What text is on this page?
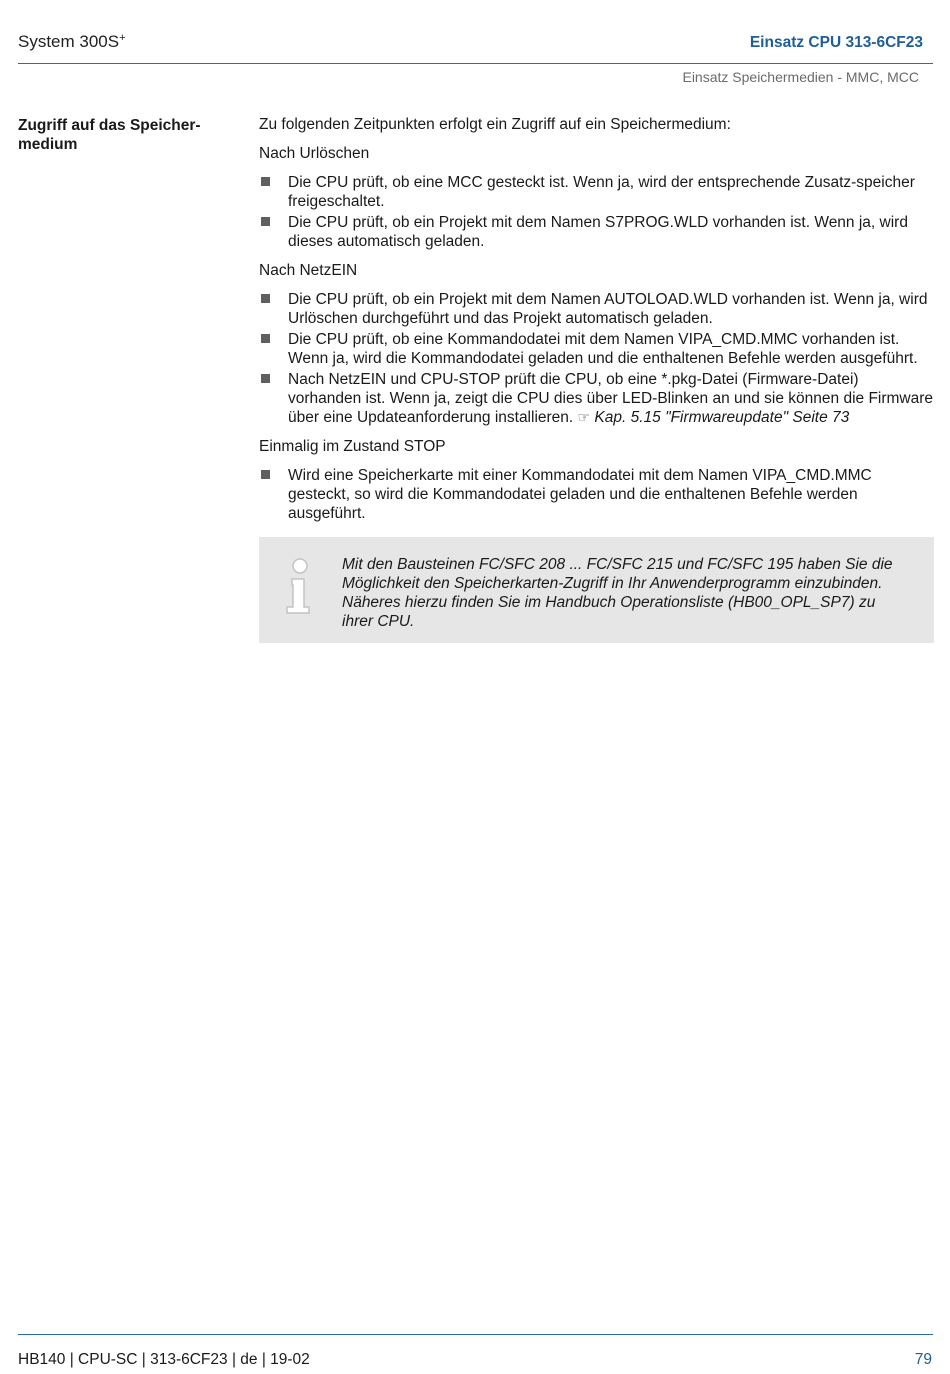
System 300S+	Einsatz CPU 313-6CF23
Einsatz Speichermedien - MMC, MCC
Zugriff auf das Speicher-
medium

Zu folgenden Zeitpunkten erfolgt ein Zugriff auf ein Speichermedium:

Nach Urlöschen

Die CPU prüft, ob eine MCC gesteckt ist. Wenn ja, wird der entsprechende Zusatz-speicher freigeschaltet.
Die CPU prüft, ob ein Projekt mit dem Namen S7PROG.WLD vorhanden ist. Wenn ja, wird dieses automatisch geladen.

Nach NetzEIN

Die CPU prüft, ob ein Projekt mit dem Namen AUTOLOAD.WLD vorhanden ist. Wenn ja, wird Urlöschen durchgeführt und das Projekt automatisch geladen.
Die CPU prüft, ob eine Kommandodatei mit dem Namen VIPA_CMD.MMC vorhanden ist. Wenn ja, wird die Kommandodatei geladen und die enthaltenen Befehle werden ausgeführt.
Nach NetzEIN und CPU-STOP prüft die CPU, ob eine *.pkg-Datei (Firmware-Datei) vorhanden ist. Wenn ja, zeigt die CPU dies über LED-Blinken an und sie können die Firmware über eine Updateanforderung installieren. ☞ Kap. 5.15 "Firmwareupdate" Seite 73

Einmalig im Zustand STOP

Wird eine Speicherkarte mit einer Kommandodatei mit dem Namen VIPA_CMD.MMC gesteckt, so wird die Kommandodatei geladen und die enthaltenen Befehle werden ausgeführt.
Mit den Bausteinen FC/SFC 208 ... FC/SFC 215 und FC/SFC 195 haben Sie die Möglichkeit den Speicherkarten-Zugriff in Ihr Anwenderprogramm einzubinden. Näheres hierzu finden Sie im Handbuch Operationsliste (HB00_OPL_SP7) zu ihrer CPU.
HB140 | CPU-SC | 313-6CF23 | de | 19-02	79
